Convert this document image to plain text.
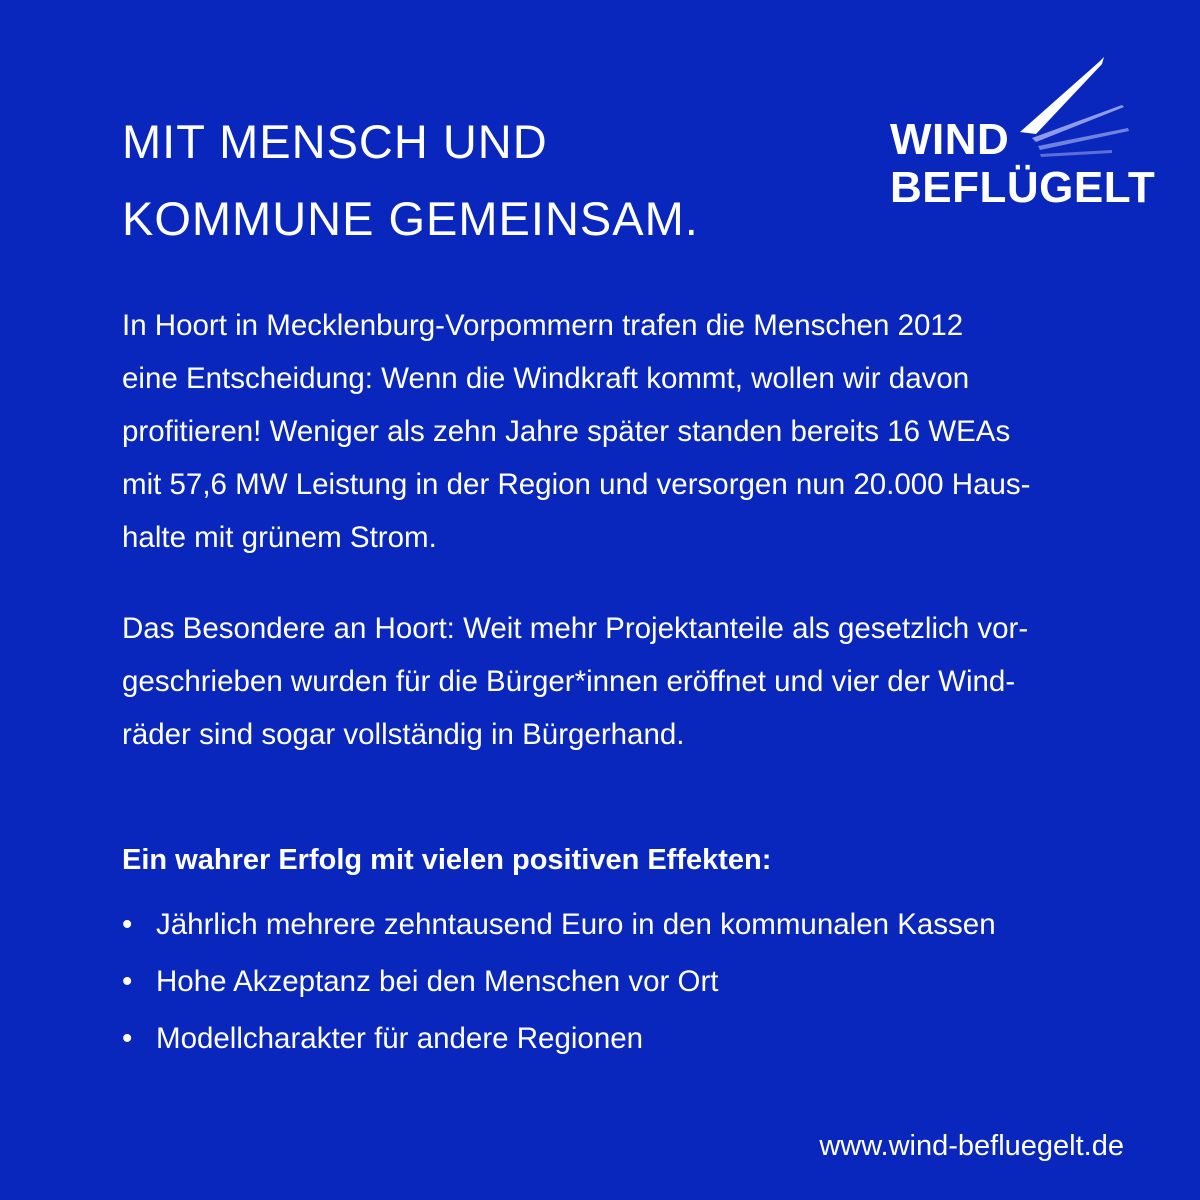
MIT MENSCH UND
KOMMUNE GEMEINSAM.
WIND
BEFLÜGELT

In Hoort in Mecklenburg-Vorpommern trafen die Menschen 2012
eine Entscheidung: Wenn die Windkraft kommt, wollen wir davon
profitieren! Weniger als zehn Jahre später standen bereits 16 WEAs
mit 57,6 MW Leistung in der Region und versorgen nun 20.000 Haus-
halte mit grünem Strom.

Das Besondere an Hoort: Weit mehr Projektanteile als gesetzlich vor-
geschrieben wurden für die Bürger*innen eröffnet und vier der Wind-
räder sind sogar vollständig in Bürgerhand.

Ein wahrer Erfolg mit vielen positiven Effekten:
• Jährlich mehrere zehntausend Euro in den kommunalen Kassen
• Hohe Akzeptanz bei den Menschen vor Ort
• Modellcharakter für andere Regionen

www.wind-befluegelt.de
